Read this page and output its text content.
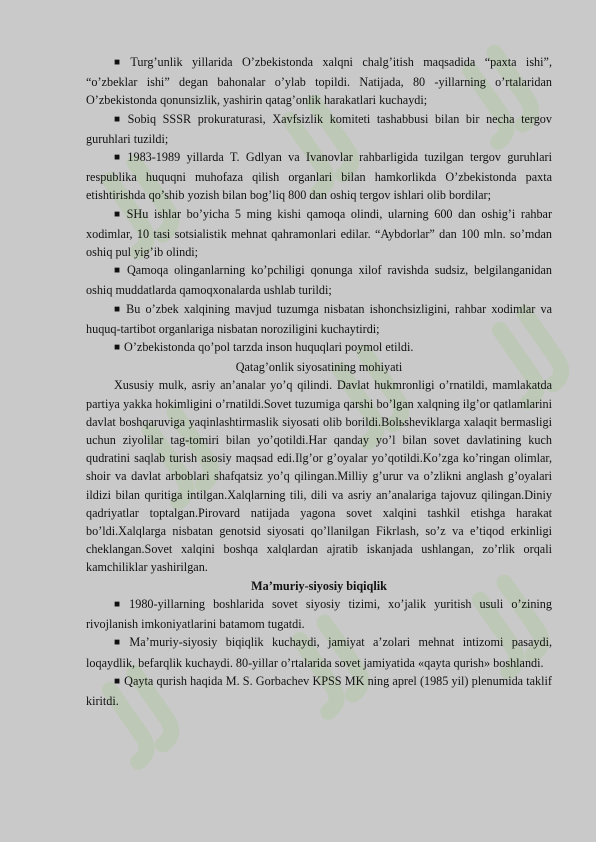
■ Turg’unlik yillarida O’zbekistonda xalqni chalg’itish maqsadida “paxta ishi”, “o’zbeklar ishi” degan bahonalar o’ylab topildi. Natijada, 80 -yillarning o’rtalaridan O’zbekistonda qonunsizlik, yashirin qatag’onlik harakatlari kuchaydi;

■ Sobiq SSSR prokuraturasi, Xavfsizlik komiteti tashabbusi bilan bir necha tergov guruhlari tuzildi;

■ 1983-1989 yillarda T. Gdlyan va Ivanovlar rahbarligida tuzilgan tergov guruhlari respublika huquqni muhofaza qilish organlari bilan hamkorlikda O’zbekistonda paxta etishtirishda qo’shib yozish bilan bog’liq 800 dan oshiq tergov ishlari olib bordilar;

■ SHu ishlar bo’yicha 5 ming kishi qamoqa olindi, ularning 600 dan oshig’i rahbar xodimlar, 10 tasi sotsialistik mehnat qahramonlari edilar. “Aybdorlar” dan 100 mln. so’mdan oshiq pul yig’ib olindi;

■ Qamoqa olinganlarning ko’pchiligi qonunga xilof ravishda sudsiz, belgilanganidan oshiq muddatlarda qamoqxonalarda ushlab turildi;

■ Bu o’zbek xalqining mavjud tuzumga nisbatan ishonchsizligini, rahbar xodimlar va huquq-tartibot organlariga nisbatan noroziligini kuchaytirdi;

■ O’zbekistonda qo’pol tarzda inson huquqlari poymol etildi.

Qatag’onlik siyosatining mohiyati

Xususiy mulk, asriy an’analar yo’q qilindi. Davlat hukmronligi o’rnatildi, mamlakatda partiya yakka hokimligini o’rnatildi.Sovet tuzumiga qarshi bo’lgan xalqning ilg’or qatlamlarini davlat boshqaruviga yaqinlashtirmaslik siyosati olib borildi.Bolьsheviklarga xalaqit bermasligi uchun ziyolilar tag-tomiri bilan yo’qotildi.Har qanday yo’l bilan sovet davlatining kuch qudratini saqlab turish asosiy maqsad edi.Ilg’or g’oyalar yo’qotildi.Ko’zga ko’ringan olimlar, shoir va davlat arboblari shafqatsiz yo’q qilingan.Milliy g’urur va o’zlikni anglash g’oyalari ildizi bilan quritiga intilgan.Xalqlarning tili, dili va asriy an’analariga tajovuz qilingan.Diniy qadriyatlar toptalgan.Pirovard natijada yagona sovet xalqini tashkil etishga harakat bo’ldi.Xalqlarga nisbatan genotsid siyosati qo’llanilgan Fikrlash, so’z va e’tiqod erkinligi cheklangan.Sovet xalqini boshqa xalqlardan ajratib iskanjada ushlangan, zo’rlik orqali kamchiliklar yashirilgan.

Ma’muriy-siyosiy biqiqlik

■ 1980-yillarning boshlarida sovet siyosiy tizimi, xo’jalik yuritish usuli o’zining rivojlanish imkoniyatlarini batamom tugatdi.

■ Ma’muriy-siyosiy biqiqlik kuchaydi, jamiyat a’zolari mehnat intizomi pasaydi, loqaydlik, befarqlik kuchaydi. 80-yillar o’rtalarida sovet jamiyatida «qayta qurish» boshlandi.

■ Qayta qurish haqida M. S. Gorbachev KPSS MK ning aprel (1985 yil) plenumida taklif kiritdi.
